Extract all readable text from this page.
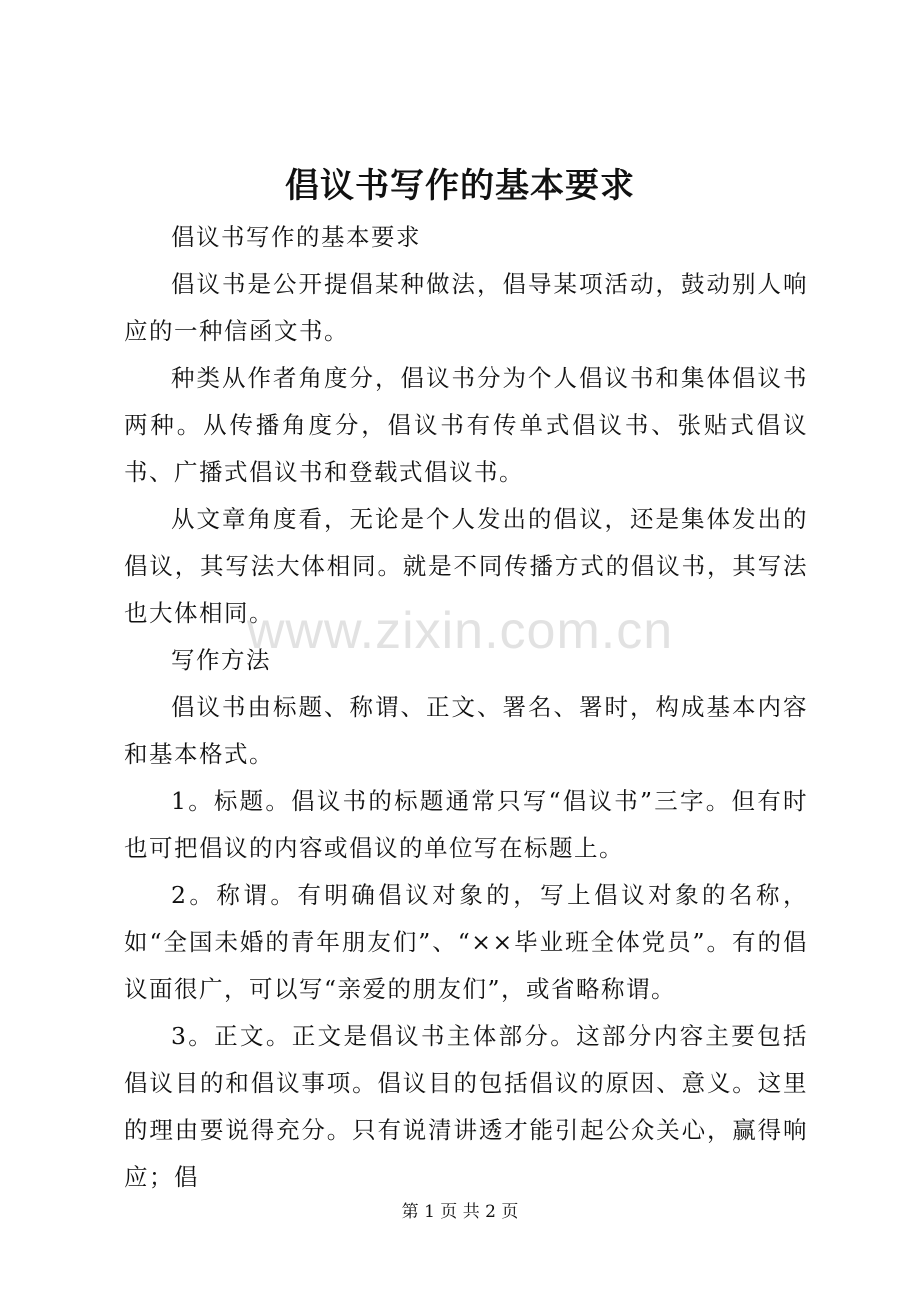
倡议书写作的基本要求

倡议书写作的基本要求

倡议书是公开提倡某种做法，倡导某项活动，鼓动别人响应的一种信函文书。

种类从作者角度分，倡议书分为个人倡议书和集体倡议书两种。从传播角度分，倡议书有传单式倡议书、张贴式倡议书、广播式倡议书和登载式倡议书。

从文章角度看，无论是个人发出的倡议，还是集体发出的倡议，其写法大体相同。就是不同传播方式的倡议书，其写法也大体相同。

写作方法

倡议书由标题、称谓、正文、署名、署时，构成基本内容和基本格式。

1。标题。倡议书的标题通常只写“倡议书”三字。但有时也可把倡议的内容或倡议的单位写在标题上。

2。称谓。有明确倡议对象的，写上倡议对象的名称，如“全国未婚的青年朋友们”、“××毕业班全体党员”。有的倡议面很广，可以写“亲爱的朋友们”，或省略称谓。

3。正文。正文是倡议书主体部分。这部分内容主要包括倡议目的和倡议事项。倡议目的包括倡议的原因、意义。这里的理由要说得充分。只有说清讲透才能引起公众关心，赢得响应；倡

www.zixin.com.cn
第 1 页 共 2 页
